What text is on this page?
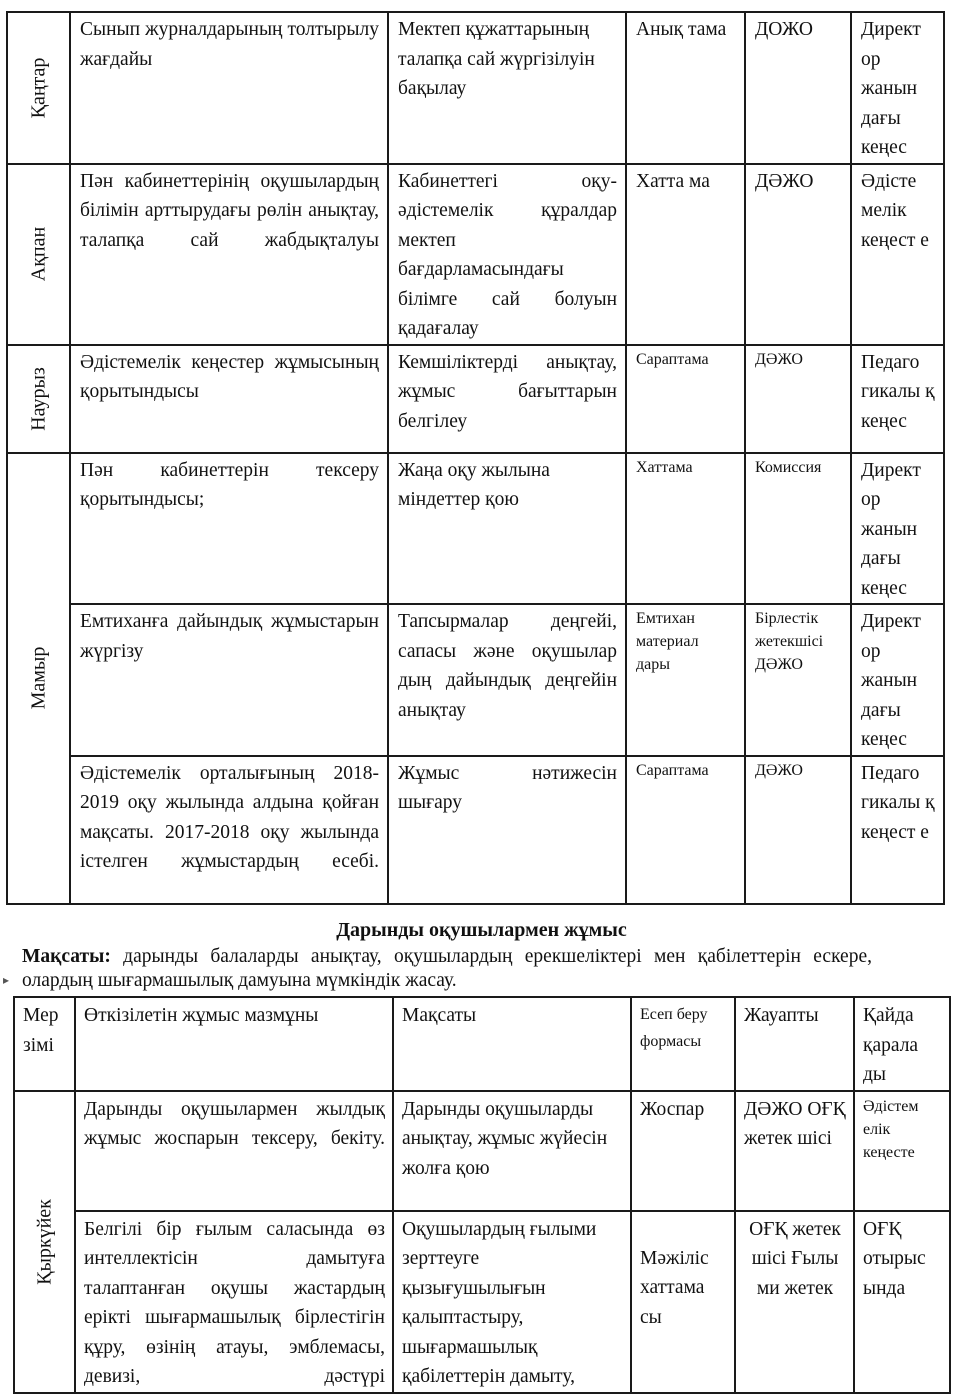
Қаңтар	Сынып журналдарының толтырылу жағдайы	Мектеп құжаттарының талапқа сай жүргізілуін бақылау	Анық тама	ДОЖО	Директ ор жанын дағы кеңес

Ақпан	Пән кабинеттерінің оқушылардың білімін арттырудағы рөлін анықтау, талапқа сай жабдықталуы	Кабинеттегі оқу-әдістемелік құралдар мектеп бағдарламасындағы білімге сай болуын қадағалау	Хатта ма	ДӘЖО	Әдісте мелік кеңест е

Наурыз	Әдістемелік кеңестер жұмысының қорытындысы	Кемшіліктерді анықтау, жұмыс бағыттарын белгілеу	Сараптама	ДӘЖО	Педаго гикалы қ кеңес

Мамыр	Пән кабинеттерін тексеру қорытындысы;	Жаңа оқу жылына міндеттер қою	Хаттама	Комиссия	Директ ор жанын дағы кеңес
	Емтиханға дайындық жұмыстарын жүргізу	Тапсырмалар деңгейі, сапасы және оқушылар дың дайындық деңгейін анықтау	Емтихан материал дары	Бірлестік жетекшісі ДӘЖО	Директ ор жанын дағы кеңес
	Әдістемелік орталығының 2018-2019 оқу жылында алдына қойған мақсаты. 2017-2018 оқу жылында істелген жұмыстардың есебі.	Жұмыс нәтижесін шығару	Сараптама	ДӘЖО	Педаго гикалы қ кеңест е
Дарынды оқушылармен жұмыс
Мақсаты: дарынды балаларды анықтау, оқушылардың ерекшеліктері мен қабілеттерін ескере, олардың шығармашылық дамуына мүмкіндік жасау.
▸
Мер зімі	Өткізілетін жұмыс мазмұны	Мақсаты	Есеп беру формасы	Жауапты	Қайда қарала ды

Қыркүйек	Дарынды оқушылармен жылдық жұмыс жоспарын тексеру, бекіту.	Дарынды оқушыларды анықтау, жұмыс жүйесін жолға қою	Жоспар	ДӘЖО ОҒҚ жетек шісі	Әдістем елік кеңесте
	Белгілі бір ғылым саласында өз интеллектісін дамытуға талаптанған оқушы жастардың ерікті шығармашылық бірлестігін құру, өзінің атауы, эмблемасы, девизі, дәстүрі	Оқушылардың ғылыми зерттеуге қызығушылығын қалыптастыру, шығармашылық қабілеттерін дамыту,	Мәжіліс хаттама сы	ОҒҚ жетек шісі Ғылы ми жетек	ОҒҚ отырыс ында
